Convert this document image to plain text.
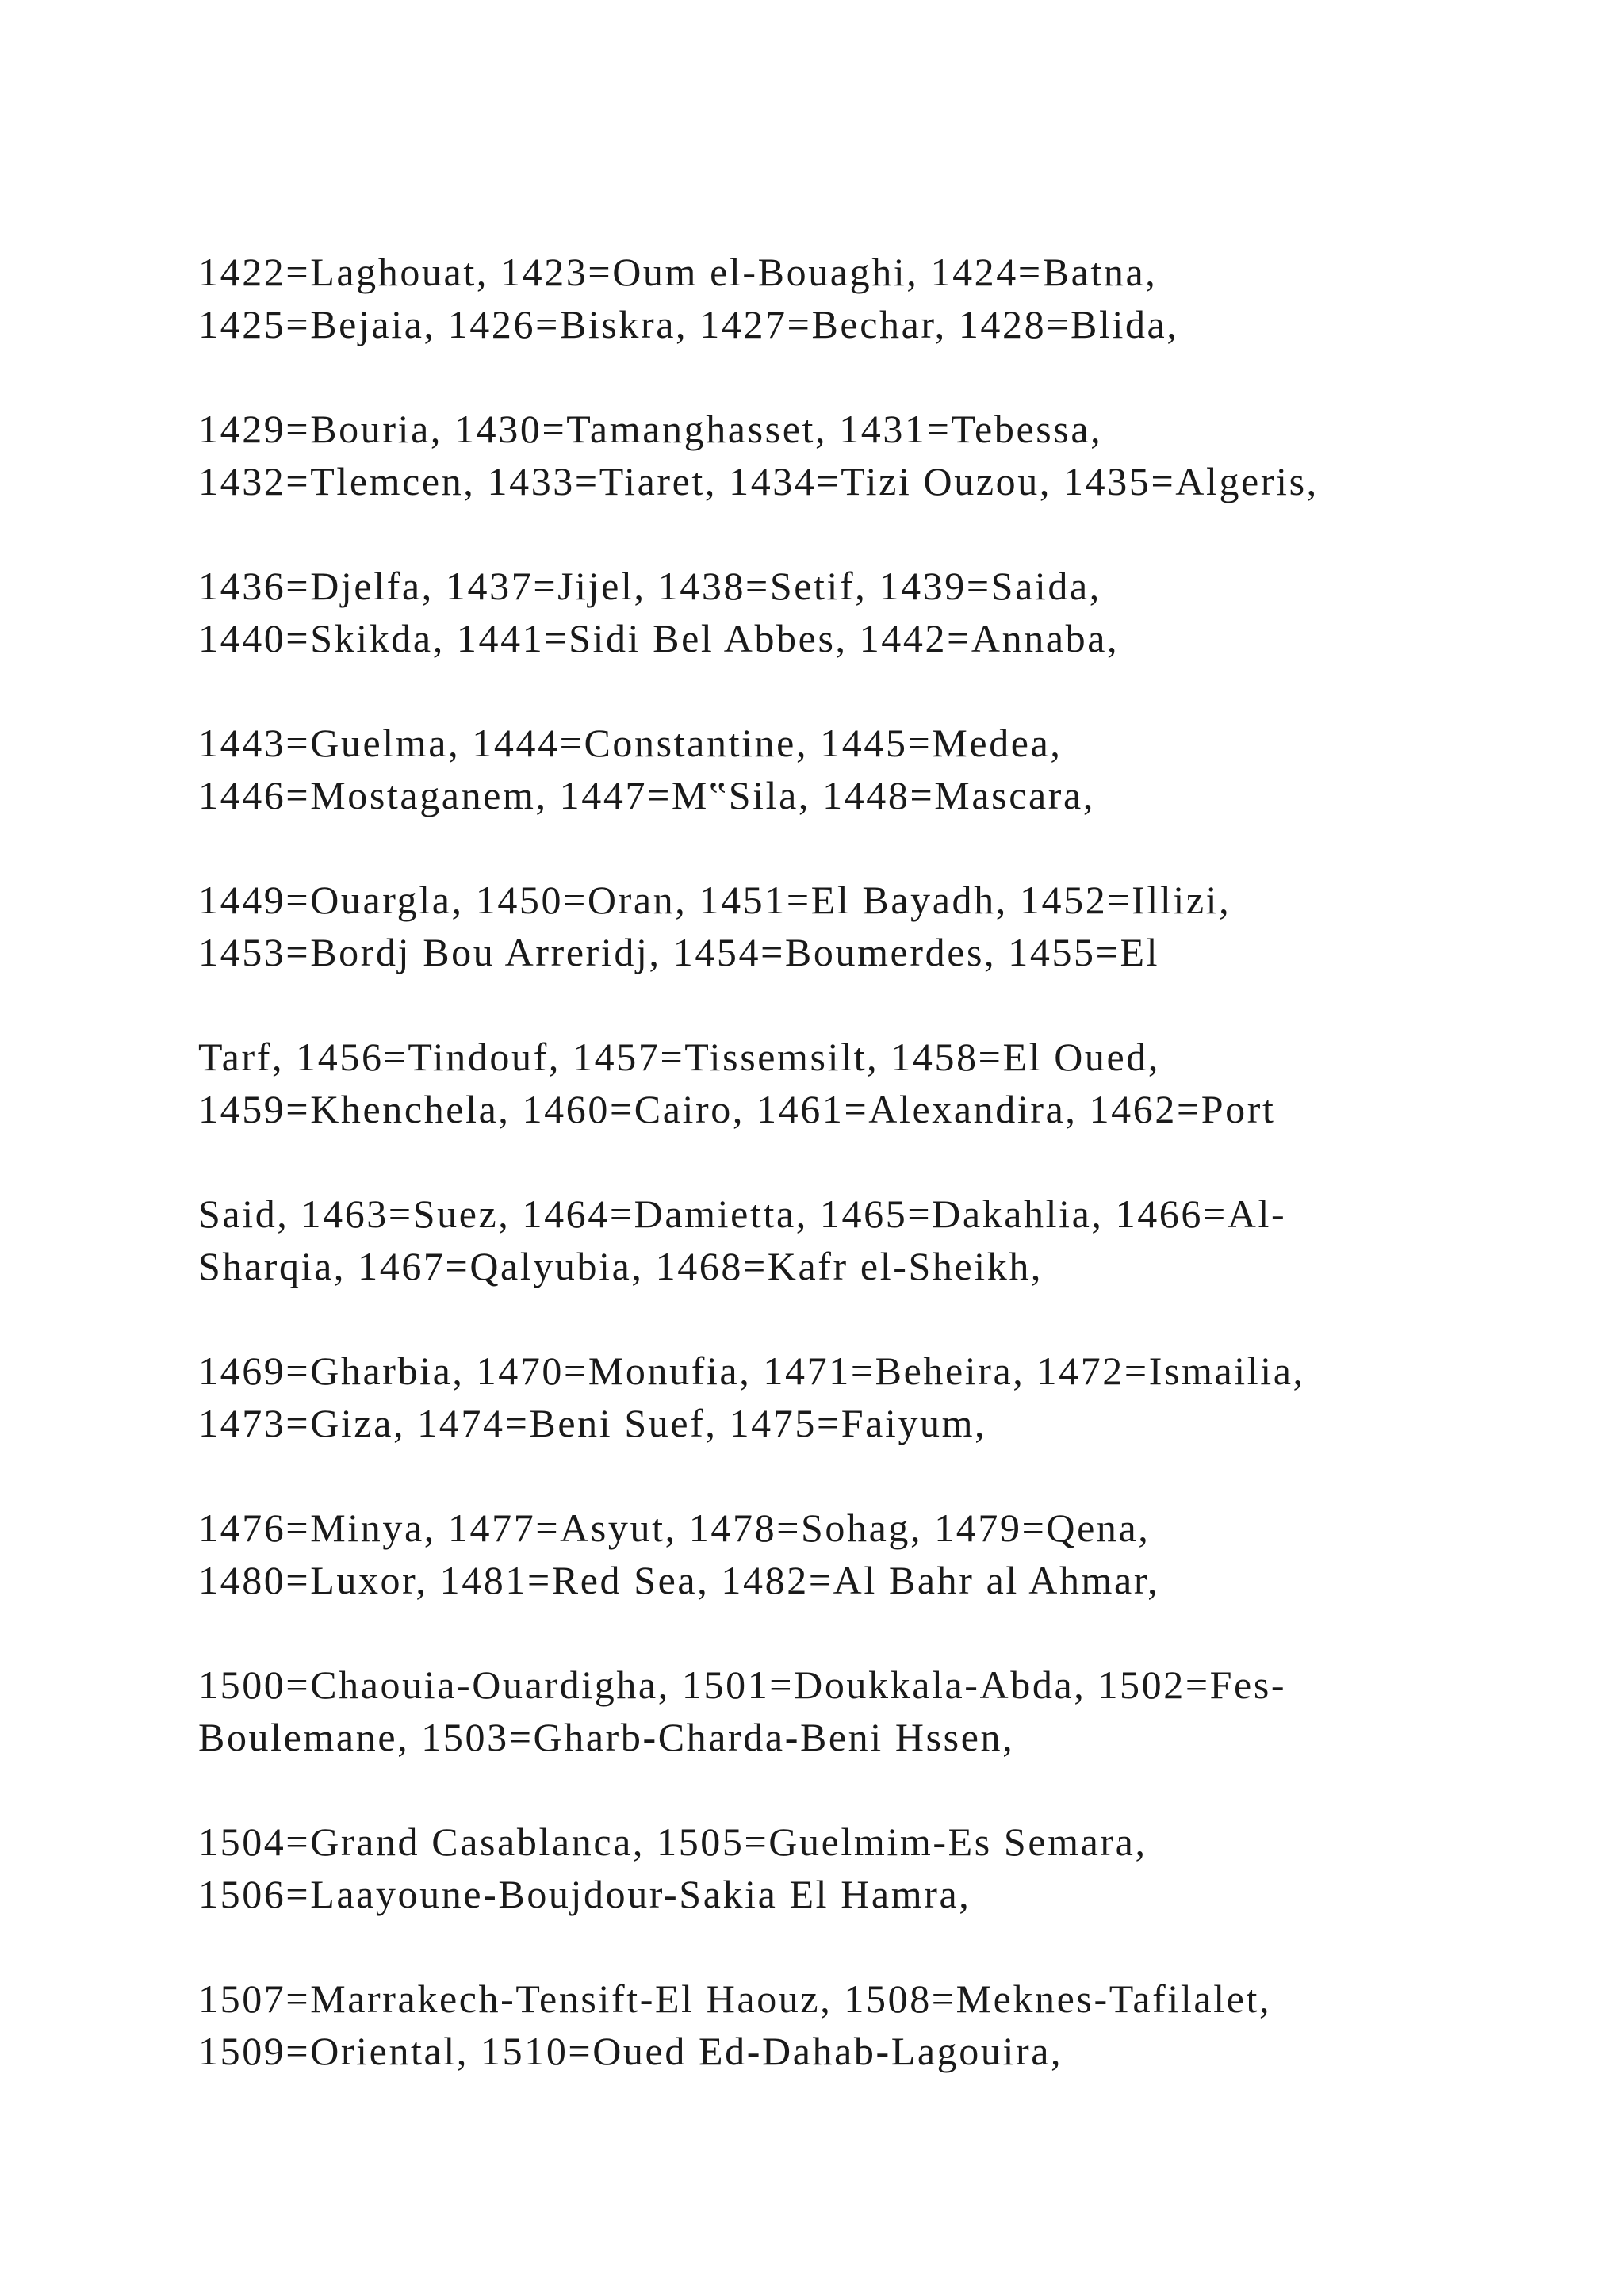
1422=Laghouat, 1423=Oum el-Bouaghi, 1424=Batna,
1425=Bejaia, 1426=Biskra, 1427=Bechar, 1428=Blida,
1429=Bouria, 1430=Tamanghasset, 1431=Tebessa,
1432=Tlemcen, 1433=Tiaret, 1434=Tizi Ouzou, 1435=Algeris,
1436=Djelfa, 1437=Jijel, 1438=Setif, 1439=Saida,
1440=Skikda, 1441=Sidi Bel Abbes, 1442=Annaba,
1443=Guelma, 1444=Constantine, 1445=Medea,
1446=Mostaganem, 1447=M‟Sila, 1448=Mascara,
1449=Ouargla, 1450=Oran, 1451=El Bayadh, 1452=Illizi,
1453=Bordj Bou Arreridj, 1454=Boumerdes, 1455=El
Tarf, 1456=Tindouf, 1457=Tissemsilt, 1458=El Oued,
1459=Khenchela, 1460=Cairo, 1461=Alexandira, 1462=Port
Said, 1463=Suez, 1464=Damietta, 1465=Dakahlia, 1466=Al-
Sharqia, 1467=Qalyubia, 1468=Kafr el-Sheikh,
1469=Gharbia, 1470=Monufia, 1471=Beheira, 1472=Ismailia,
1473=Giza, 1474=Beni Suef, 1475=Faiyum,
1476=Minya, 1477=Asyut, 1478=Sohag, 1479=Qena,
1480=Luxor, 1481=Red Sea, 1482=Al Bahr al Ahmar,
1500=Chaouia-Ouardigha, 1501=Doukkala-Abda, 1502=Fes-
Boulemane, 1503=Gharb-Charda-Beni Hssen,
1504=Grand Casablanca, 1505=Guelmim-Es Semara,
1506=Laayoune-Boujdour-Sakia El Hamra,
1507=Marrakech-Tensift-El Haouz, 1508=Meknes-Tafilalet,
1509=Oriental, 1510=Oued Ed-Dahab-Lagouira,
